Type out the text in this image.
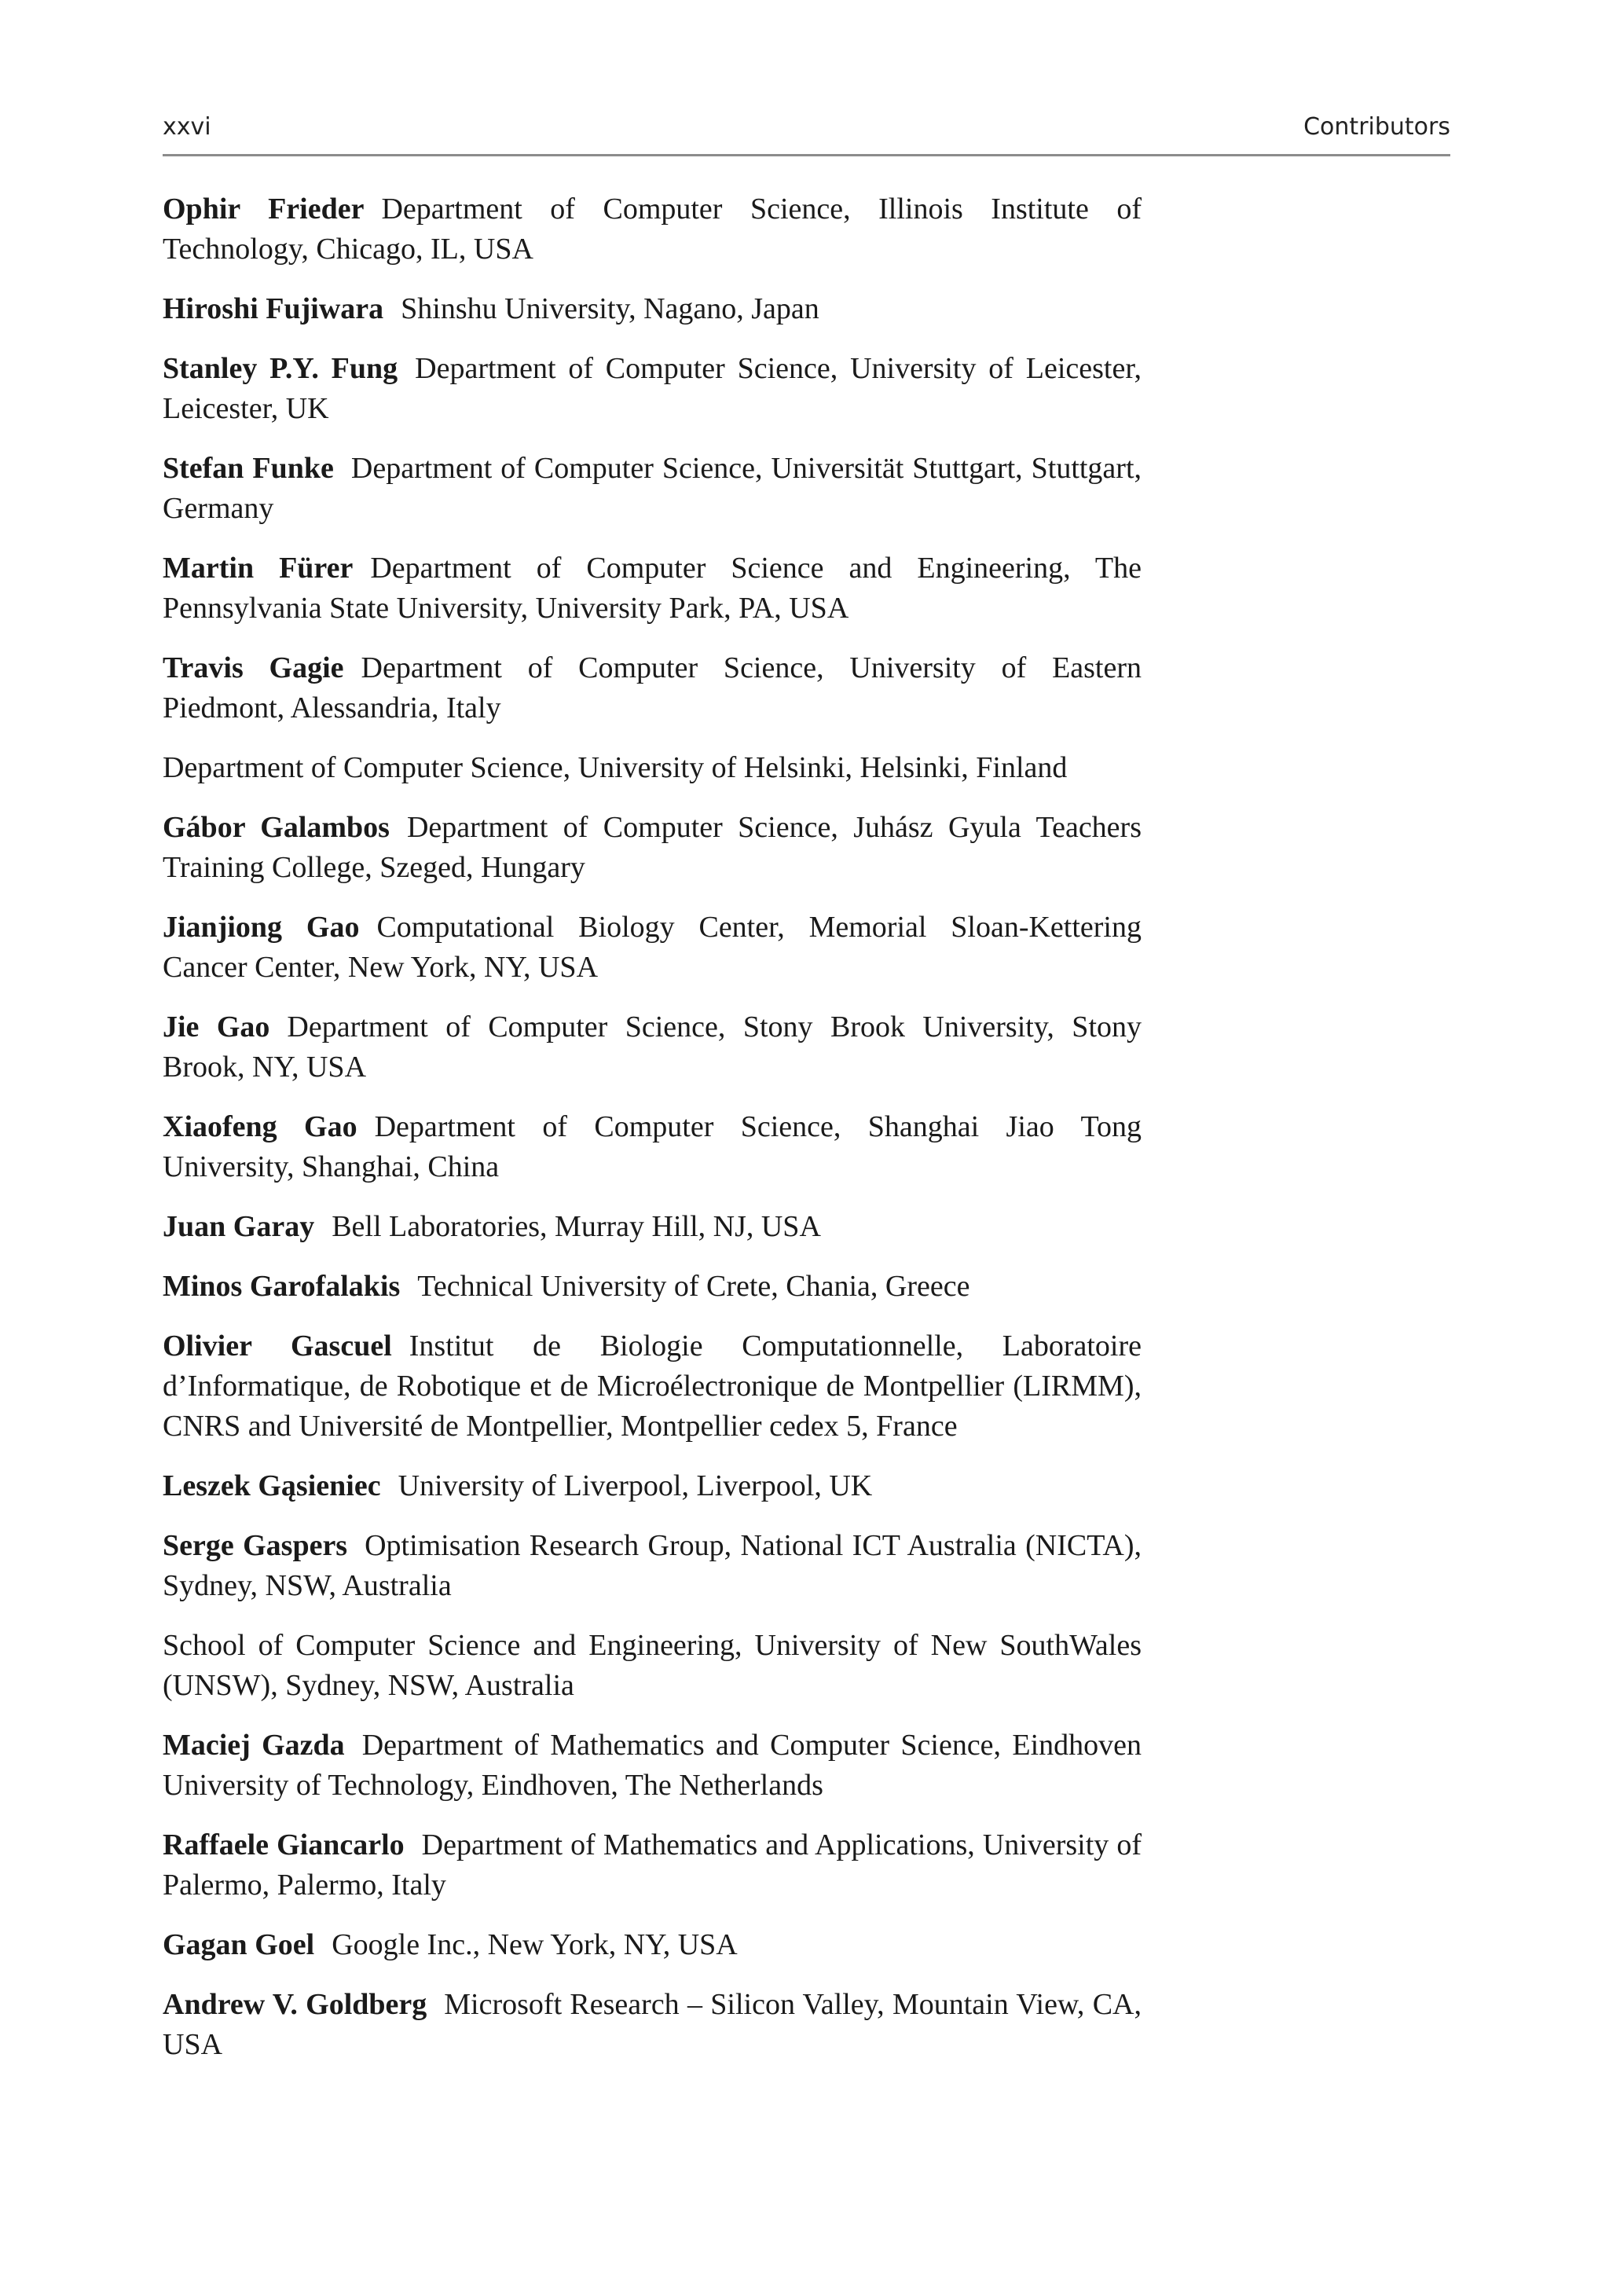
xxvi	Contributors

Ophir Frieder Department of Computer Science, Illinois Institute of Technology, Chicago, IL, USA

Hiroshi Fujiwara Shinshu University, Nagano, Japan

Stanley P.Y. Fung Department of Computer Science, University of Leicester, Leicester, UK

Stefan Funke Department of Computer Science, Universität Stuttgart, Stuttgart, Germany

Martin Fürer Department of Computer Science and Engineering, The Pennsylvania State University, University Park, PA, USA

Travis Gagie Department of Computer Science, University of Eastern Piedmont, Alessandria, Italy

Department of Computer Science, University of Helsinki, Helsinki, Finland

Gábor Galambos Department of Computer Science, Juhász Gyula Teachers Training College, Szeged, Hungary

Jianjiong Gao Computational Biology Center, Memorial Sloan-Kettering Cancer Center, New York, NY, USA

Jie Gao Department of Computer Science, Stony Brook University, Stony Brook, NY, USA

Xiaofeng Gao Department of Computer Science, Shanghai Jiao Tong University, Shanghai, China

Juan Garay Bell Laboratories, Murray Hill, NJ, USA

Minos Garofalakis Technical University of Crete, Chania, Greece

Olivier Gascuel Institut de Biologie Computationnelle, Laboratoire d’Informatique, de Robotique et de Microélectronique de Montpellier (LIRMM), CNRS and Université de Montpellier, Montpellier cedex 5, France

Leszek Gąsieniec University of Liverpool, Liverpool, UK

Serge Gaspers Optimisation Research Group, National ICT Australia (NICTA), Sydney, NSW, Australia

School of Computer Science and Engineering, University of New SouthWales (UNSW), Sydney, NSW, Australia

Maciej Gazda Department of Mathematics and Computer Science, Eindhoven University of Technology, Eindhoven, The Netherlands

Raffaele Giancarlo Department of Mathematics and Applications, University of Palermo, Palermo, Italy

Gagan Goel Google Inc., New York, NY, USA

Andrew V. Goldberg Microsoft Research – Silicon Valley, Mountain View, CA, USA
